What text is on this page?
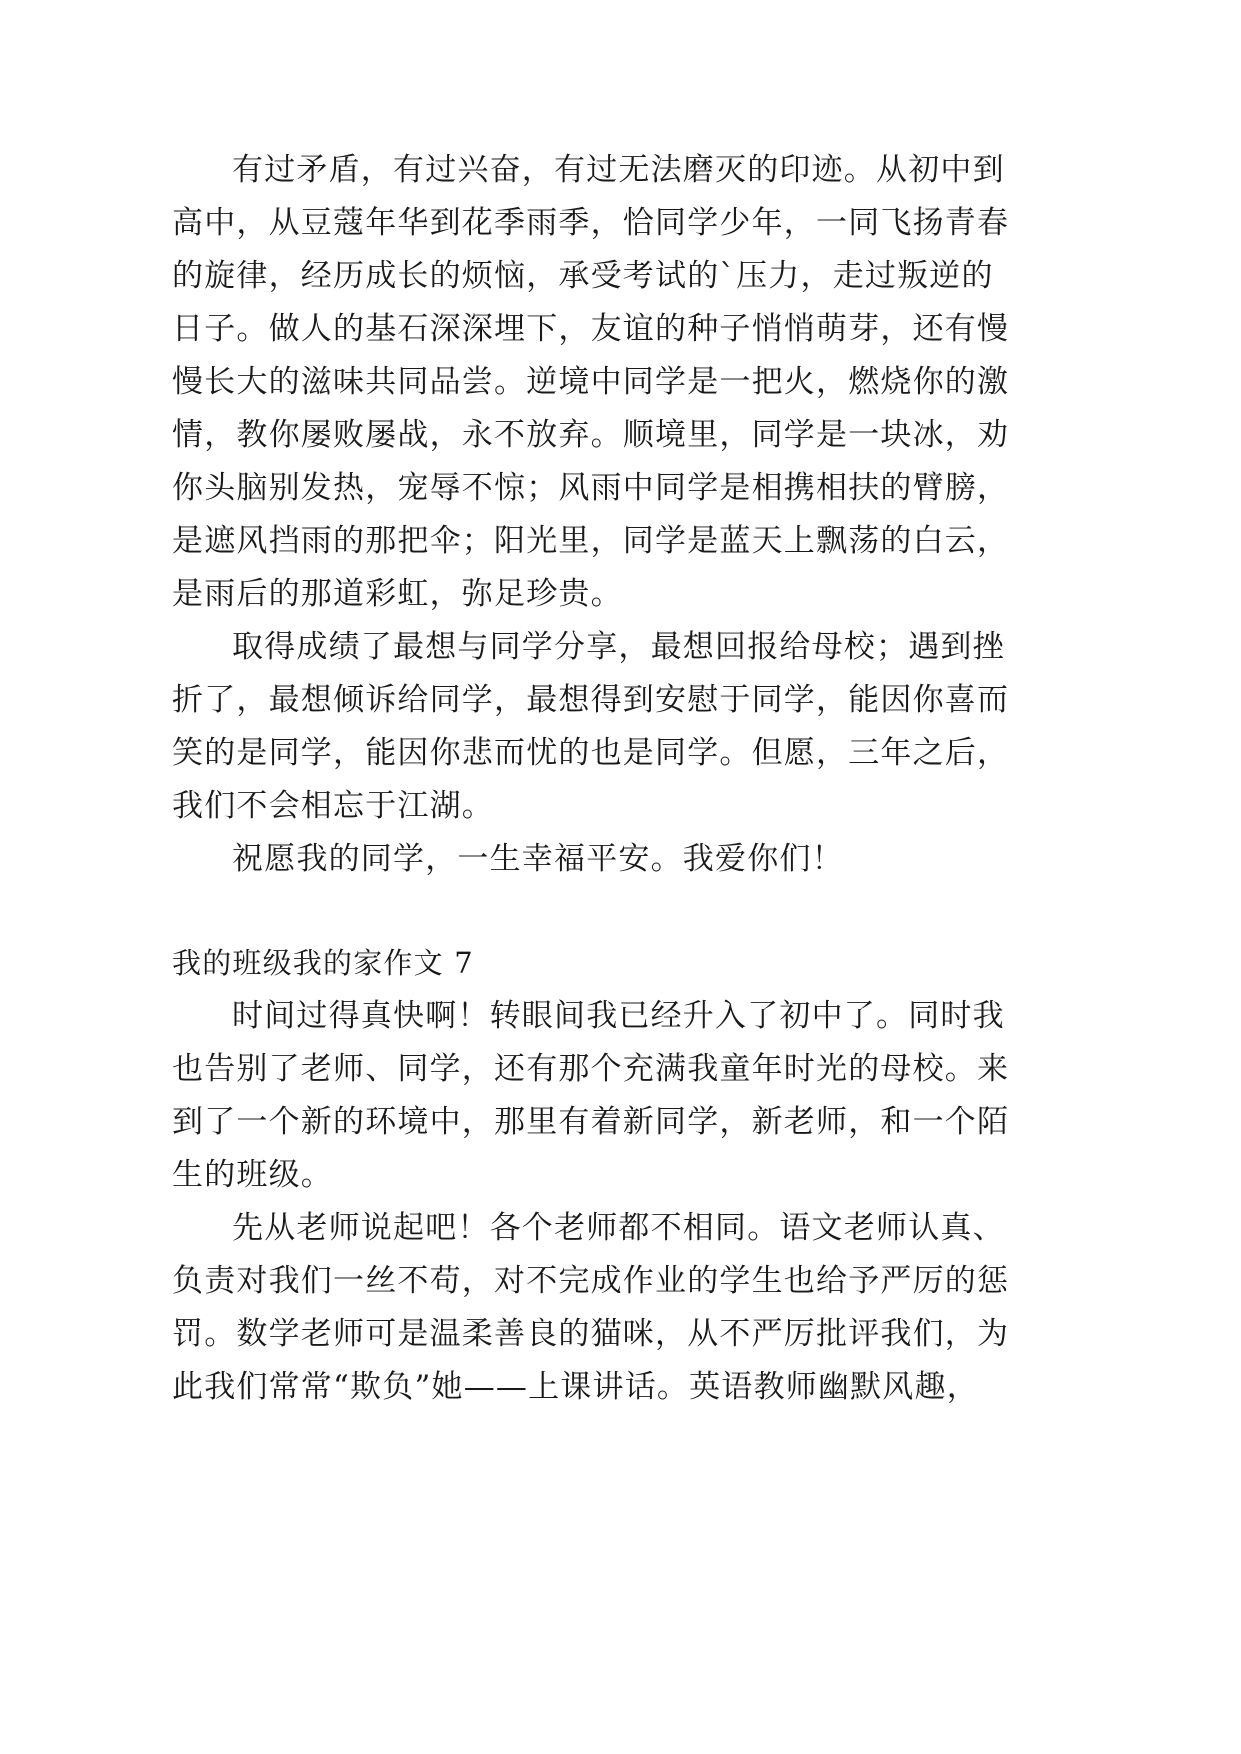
有过矛盾，有过兴奋，有过无法磨灭的印迹。从初中到
高中，从豆蔻年华到花季雨季，恰同学少年，一同飞扬青春
的旋律，经历成长的烦恼，承受考试的`压力，走过叛逆的
日子。做人的基石深深埋下，友谊的种子悄悄萌芽，还有慢
慢长大的滋味共同品尝。逆境中同学是一把火，燃烧你的激
情，教你屡败屡战，永不放弃。顺境里，同学是一块冰，劝
你头脑别发热，宠辱不惊；风雨中同学是相携相扶的臂膀，
是遮风挡雨的那把伞；阳光里，同学是蓝天上飘荡的白云，
是雨后的那道彩虹，弥足珍贵。
取得成绩了最想与同学分享，最想回报给母校；遇到挫
折了，最想倾诉给同学，最想得到安慰于同学，能因你喜而
笑的是同学，能因你悲而忧的也是同学。但愿，三年之后，
我们不会相忘于江湖。
祝愿我的同学，一生幸福平安。我爱你们！
我的班级我的家作文 7
时间过得真快啊！转眼间我已经升入了初中了。同时我
也告别了老师、同学，还有那个充满我童年时光的母校。来
到了一个新的环境中，那里有着新同学，新老师，和一个陌
生的班级。
先从老师说起吧！各个老师都不相同。语文老师认真、
负责对我们一丝不苟，对不完成作业的学生也给予严厉的惩
罚。数学老师可是温柔善良的猫咪，从不严厉批评我们，为
此我们常常“欺负”她——上课讲话。英语教师幽默风趣，
